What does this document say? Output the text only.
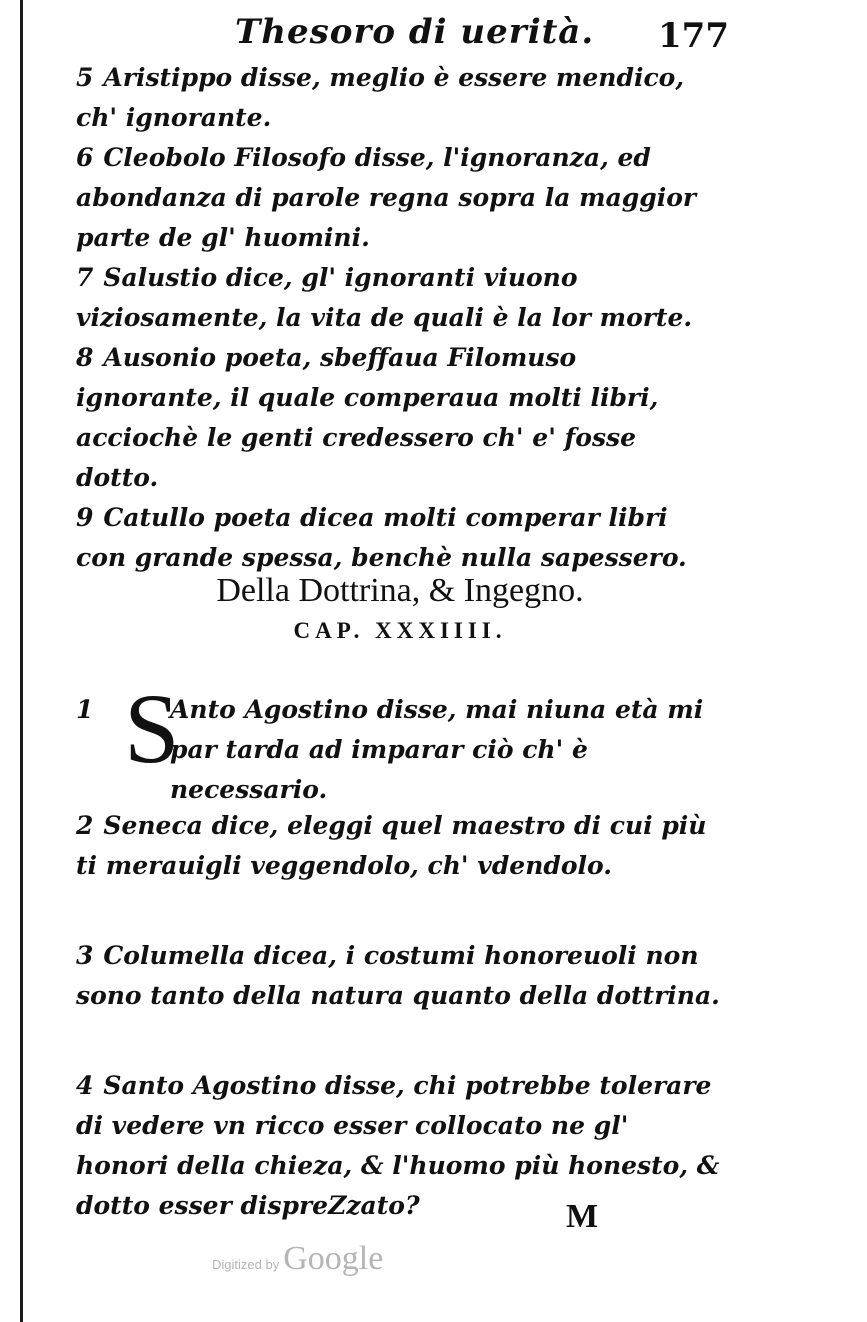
Thesoro di uerità. 177

5 Aristippo disse, meglio è essere mendico, ch' ignorante.

6 Cleobolo Filosofo disse, l'ignoranza, ed abondanza di parole regna sopra la maggior parte de gl' huomini.

7 Salustio dice, gl' ignoranti viuono viziosamente, la vita de quali è la lor morte.

8 Ausonio poeta, sbeffaua Filomuso ignorante, il quale comperaua molti libri, acciochè le genti credessero ch' e' fosse dotto.

9 Catullo poeta dicea molti comperar libri con grande spessa, benchè nulla sapessero.

Della Dottrina, & Ingegno.
CAP. XXXIIII.
1 S
Anto Agostino disse, mai niuna età mi par tarda ad imparar ciò ch' è necessario.

2 Seneca dice, eleggi quel maestro di cui più ti merauigli veggendolo, ch' vdendolo.

3 Columella dicea, i costumi honoreuoli non sono tanto della natura quanto della dottrina.

4 Santo Agostino disse, chi potrebbe tolerare di vedere vn ricco esser collocato ne gl' honori della chieza, & l'huomo più honesto, & dotto esser dispreZzato?	M
Digitized by Google
